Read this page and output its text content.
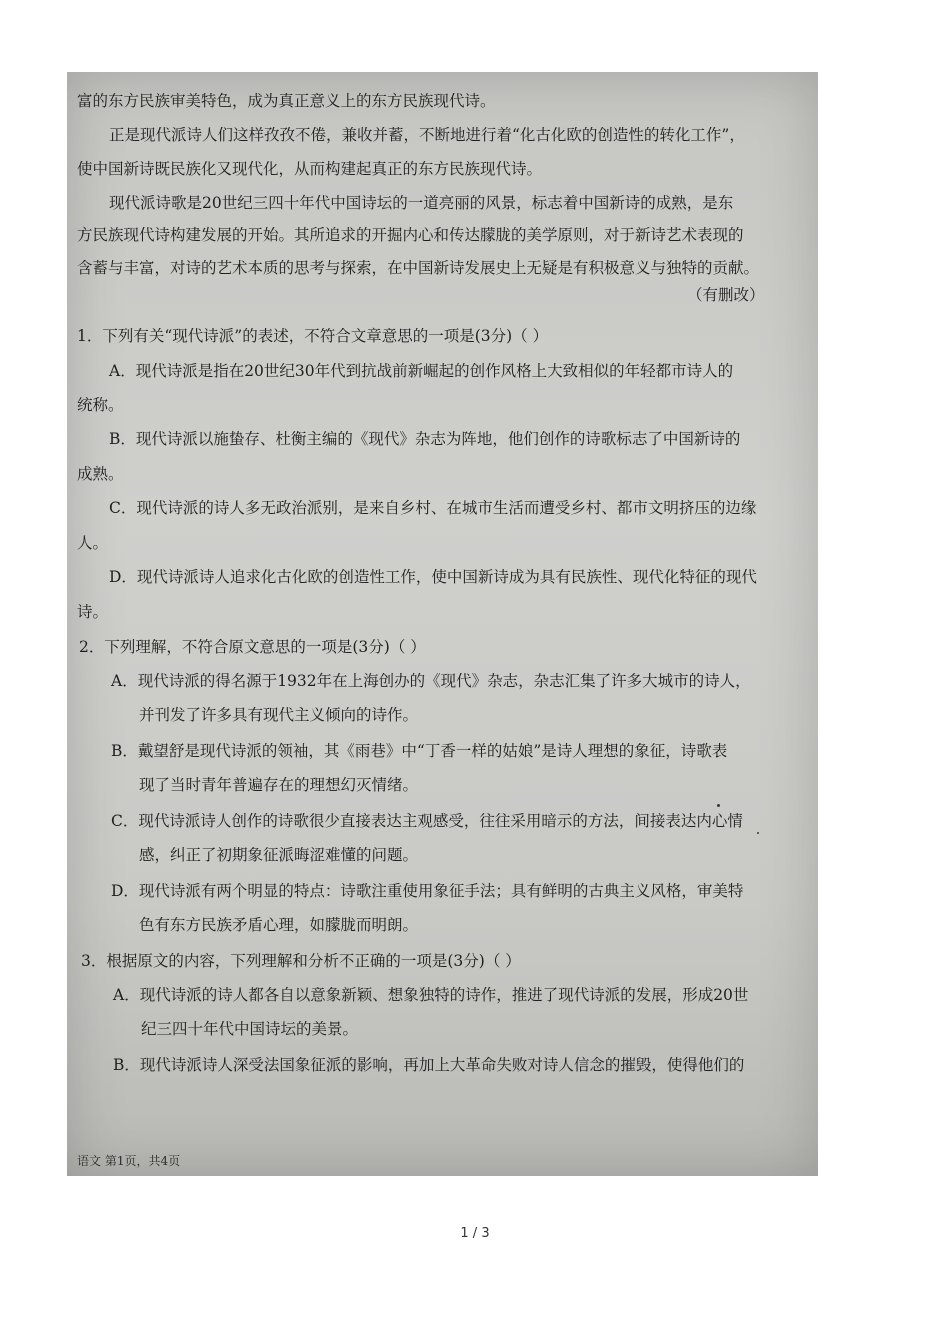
富的东方民族审美特色，成为真正意义上的东方民族现代诗。
正是现代派诗人们这样孜孜不倦，兼收并蓄，不断地进行着“化古化欧的创造性的转化工作”，
使中国新诗既民族化又现代化，从而构建起真正的东方民族现代诗。
现代派诗歌是20世纪三四十年代中国诗坛的一道亮丽的风景，标志着中国新诗的成熟，是东
方民族现代诗构建发展的开始。其所追求的开掘内心和传达朦胧的美学原则，对于新诗艺术表现的
含蓄与丰富，对诗的艺术本质的思考与探索，在中国新诗发展史上无疑是有积极意义与独特的贡献。
（有删改）
1．下列有关“现代诗派”的表述，不符合文章意思的一项是(3分)（ ）
A．现代诗派是指在20世纪30年代到抗战前新崛起的创作风格上大致相似的年轻都市诗人的
统称。
B．现代诗派以施蛰存、杜衡主编的《现代》杂志为阵地，他们创作的诗歌标志了中国新诗的
成熟。
C．现代诗派的诗人多无政治派别，是来自乡村、在城市生活而遭受乡村、都市文明挤压的边缘
人。
D．现代诗派诗人追求化古化欧的创造性工作，使中国新诗成为具有民族性、现代化特征的现代
诗。
2．下列理解，不符合原文意思的一项是(3分)（ ）
A．现代诗派的得名源于1932年在上海创办的《现代》杂志，杂志汇集了许多大城市的诗人，
并刊发了许多具有现代主义倾向的诗作。
B．戴望舒是现代诗派的领袖，其《雨巷》中“丁香一样的姑娘”是诗人理想的象征，诗歌表
现了当时青年普遍存在的理想幻灭情绪。
C．现代诗派诗人创作的诗歌很少直接表达主观感受，往往采用暗示的方法，间接表达内心情
感，纠正了初期象征派晦涩难懂的问题。
D．现代诗派有两个明显的特点：诗歌注重使用象征手法；具有鲜明的古典主义风格，审美特
色有东方民族矛盾心理，如朦胧而明朗。
3．根据原文的内容，下列理解和分析不正确的一项是(3分)（ ）
A．现代诗派的诗人都各自以意象新颖、想象独特的诗作，推进了现代诗派的发展，形成20世
纪三四十年代中国诗坛的美景。
B．现代诗派诗人深受法国象征派的影响，再加上大革命失败对诗人信念的摧毁，使得他们的
语文 第1页，共4页
1 / 3
